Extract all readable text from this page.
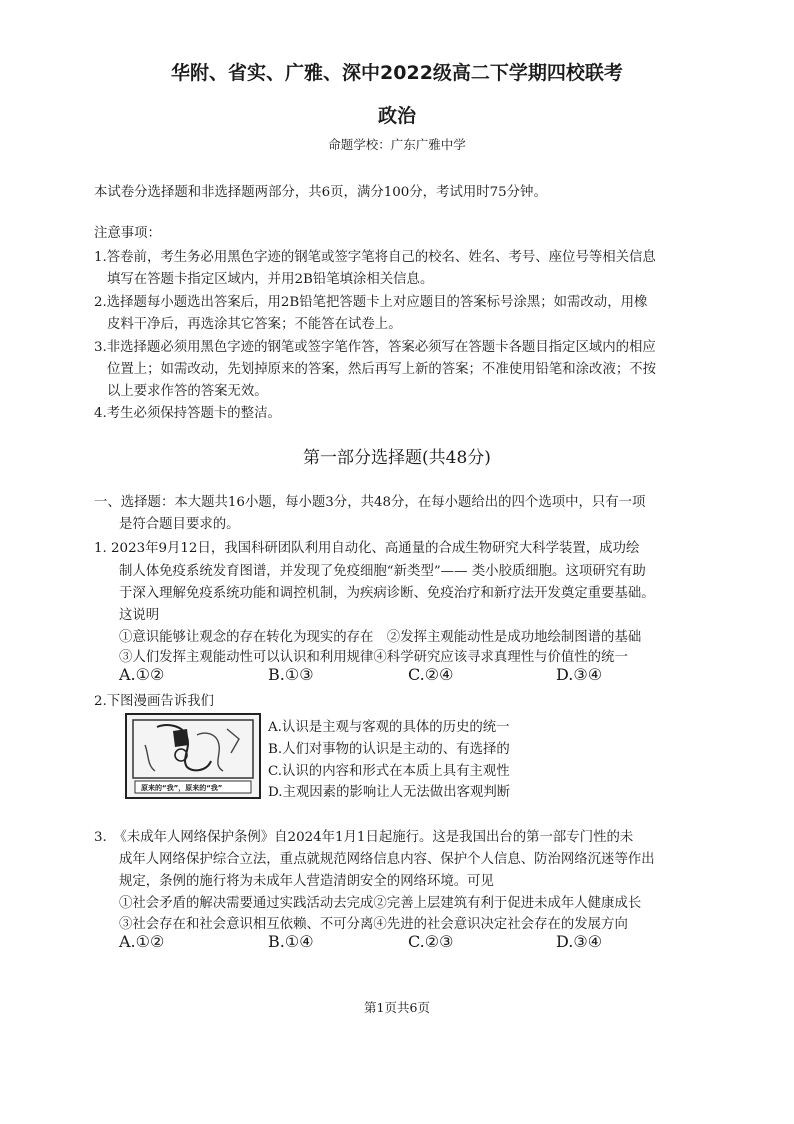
华附、省实、广雅、深中2022级高二下学期四校联考
政治
命题学校：广东广雅中学
本试卷分选择题和非选择题两部分，共6页，满分100分，考试用时75分钟。
注意事项：
1.答卷前，考生务必用黑色字迹的钢笔或签字笔将自己的校名、姓名、考号、座位号等相关信息
填写在答题卡指定区域内，并用2B铅笔填涂相关信息。
2.选择题每小题选出答案后，用2B铅笔把答题卡上对应题目的答案标号涂黑；如需改动，用橡
皮料干净后，再选涂其它答案；不能答在试卷上。
3.非选择题必须用黑色字迹的钢笔或签字笔作答，答案必须写在答题卡各题目指定区域内的相应
位置上；如需改动，先划掉原来的答案，然后再写上新的答案；不准使用铅笔和涂改液；不按
以上要求作答的答案无效。
4.考生必须保持答题卡的整洁。
第一部分选择题(共48分)
一、选择题：本大题共16小题，每小题3分，共48分，在每小题给出的四个选项中，只有一项
是符合题目要求的。
1. 2023年9月12日，我国科研团队利用自动化、高通量的合成生物研究大科学装置，成功绘
制人体免疫系统发育图谱，并发现了免疫细胞“新类型”—— 类小胶质细胞。这项研究有助
于深入理解免疫系统功能和调控机制，为疾病诊断、免疫治疗和新疗法开发奠定重要基础。
这说明
①意识能够让观念的存在转化为现实的存在　②发挥主观能动性是成功地绘制图谱的基础
③人们发挥主观能动性可以认识和利用规律④科学研究应该寻求真理性与价值性的统一
A.①②	B.①③	C.②④	D.③④
2.下图漫画告诉我们
原来的“我”，原来的“我”
A.认识是主观与客观的具体的历史的统一
B.人们对事物的认识是主动的、有选择的
C.认识的内容和形式在本质上具有主观性
D.主观因素的影响让人无法做出客观判断
3.　《未成年人网络保护条例》自2024年1月1日起施行。这是我国出台的第一部专门性的未
成年人网络保护综合立法，重点就规范网络信息内容、保护个人信息、防治网络沉迷等作出
规定，条例的施行将为未成年人营造清朗安全的网络环境。可见
①社会矛盾的解决需要通过实践活动去完成②完善上层建筑有利于促进未成年人健康成长
③社会存在和社会意识相互依赖、不可分离④先进的社会意识决定社会存在的发展方向
A.①②	B.①④	C.②③	D.③④
第1页共6页
